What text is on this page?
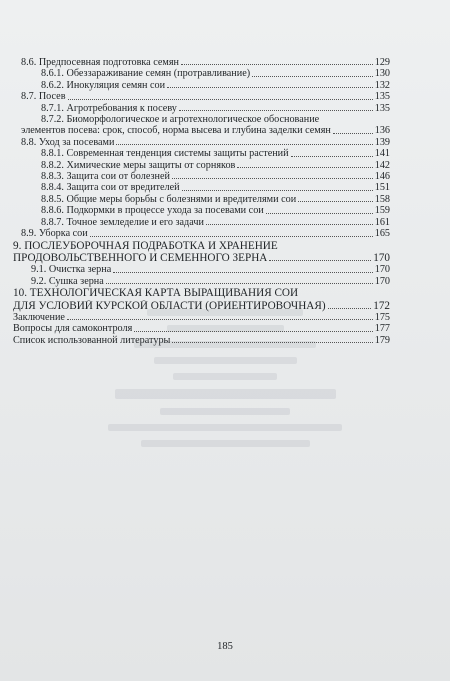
8.6. Предпосевная подготовка семян	129
8.6.1. Обеззараживание семян (протравливание)	130
8.6.2. Инокуляция семян сои	132
8.7. Посев	135
8.7.1. Агротребования к посеву	135
8.7.2. Биоморфологическое и агротехнологическое обоснование
элементов посева: срок, способ, норма высева и глубина заделки семян	136
8.8. Уход за посевами	139
8.8.1. Современная тенденция системы защиты растений	141
8.8.2. Химические меры защиты от сорняков	142
8.8.3. Защита сои от болезней	146
8.8.4. Защита сои от вредителей	151
8.8.5. Общие меры борьбы с болезнями и вредителями сои	158
8.8.6. Подкормки в процессе ухода за посевами сои	159
8.8.7. Точное земледелие и его задачи	161
8.9. Уборка сои	165
9. ПОСЛЕУБОРОЧНАЯ ПОДРАБОТКА И ХРАНЕНИЕ
ПРОДОВОЛЬСТВЕННОГО И СЕМЕННОГО ЗЕРНА	170
9.1. Очистка зерна	170
9.2. Сушка зерна	170
10. ТЕХНОЛОГИЧЕСКАЯ КАРТА ВЫРАЩИВАНИЯ СОИ
ДЛЯ УСЛОВИЙ КУРСКОЙ ОБЛАСТИ (ОРИЕНТИРОВОЧНАЯ)	172
Заключение	175
Вопросы для самоконтроля	177
Список использованной литературы	179
185
